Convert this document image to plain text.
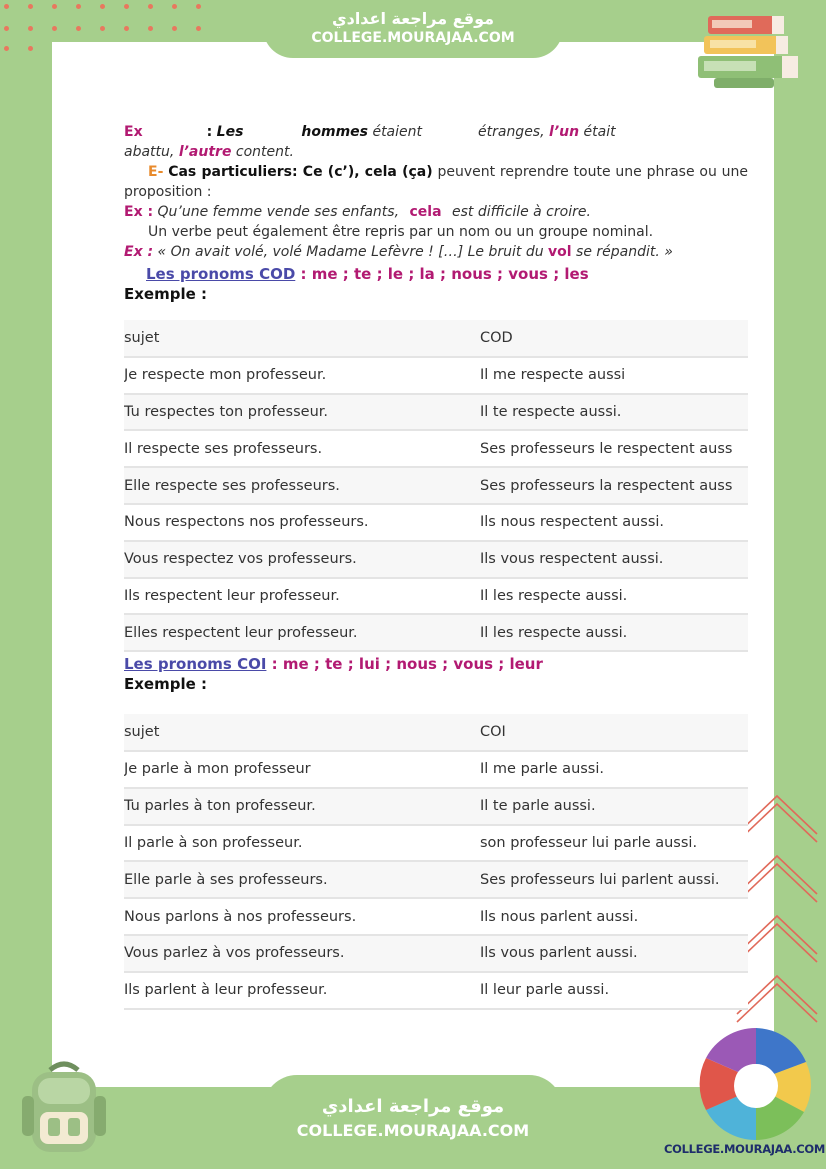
موقع مراجعة اعدادي
COLLEGE.MOURAJAA.COM

Ex	: Les	hommes étaient	étranges, l’un était
abattu, l’autre content.

E- Cas particuliers: Ce (c’), cela (ça) peuvent reprendre toute une phrase ou une proposition :

Ex : Qu’une femme vende ses enfants, cela est difficile à croire.

Un verbe peut également être repris par un nom ou un groupe nominal.

Ex : « On avait volé, volé Madame Lefèvre ! […] Le bruit du vol se répandit. »

Les pronoms COD : me ; te ; le ; la ; nous ; vous ; les

Exemple :

sujet	COD

Je respecte mon professeur.	Il me respecte aussi

Tu respectes ton professeur.	Il te respecte aussi.

Il respecte ses professeurs.	Ses professeurs le respectent auss

Elle respecte ses professeurs.	Ses professeurs la respectent auss

Nous respectons nos professeurs.	Ils nous respectent aussi.

Vous respectez vos professeurs.	Ils vous respectent aussi.

Ils respectent leur professeur.	Il les respecte aussi.

Elles respectent leur professeur.	Il les respecte aussi.

Les pronoms COI : me ; te ; lui ; nous ; vous ; leur

Exemple :

sujet	COI

Je parle à mon professeur	Il me parle aussi.

Tu parles à ton professeur.	Il te parle aussi.

Il parle à son professeur.	son professeur lui parle aussi.

Elle parle à ses professeurs.	Ses professeurs lui parlent aussi.

Nous parlons à nos professeurs.	Ils nous parlent aussi.

Vous parlez à vos professeurs.	Ils vous parlent aussi.

Ils parlent à leur professeur.	Il leur parle aussi.
موقع مراجعة اعدادي
COLLEGE.MOURAJAA.COM
COLLEGE.MOURAJAA.COM
